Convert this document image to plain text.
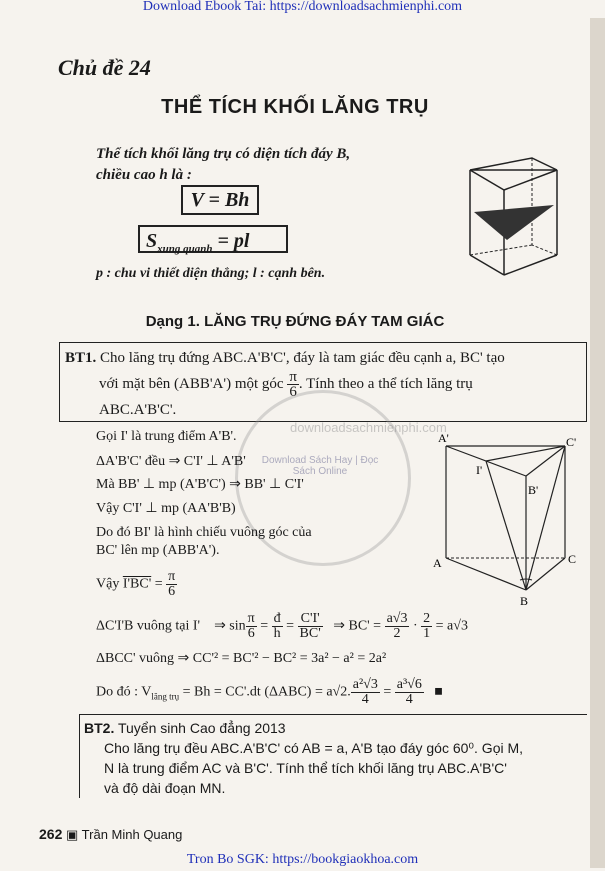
Download Ebook Tai: https://downloadsachmienphi.com
Chủ đề 24
THỂ TÍCH KHỐI LĂNG TRỤ
Thể tích khối lăng trụ có diện tích đáy B,
chiều cao h là :
V = Bh
$S_{xung quanh}$ = pl
p : chu vi thiết diện thẳng; l : cạnh bên.
Dạng 1. LĂNG TRỤ ĐỨNG ĐÁY TAM GIÁC
BT1. Cho lăng trụ đứng ABC.A'B'C', đáy là tam giác đều cạnh a, BC' tạo
với mặt bên (ABB'A') một góc $\frac{\pi}{6}$ . Tính theo a thể tích lăng trụ
ABC.A'B'C'.
downloadsachmienphi.com
Download Sách Hay | Đọc Sách Online
Gọi I' là trung điểm A'B'.
ΔA'B'C' đều ⇒ C'I' ⊥ A'B'
Mà BB' ⊥ mp (A'B'C') ⇒ BB' ⊥ C'I'
Vậy C'I' ⊥ mp (AA'B'B)
Do đó BI' là hình chiếu vuông góc của
BC' lên mp (ABB'A').
Vậy $I'BC' = \frac{\pi}{6}$
A'	C'
I'
B'
A	C
B
ΔC'I'B vuông tại I' ⇒ $\sin \frac{\pi}{6} = \frac{đ}{h} = \frac{C'I'}{BC'}$ ⇒ $BC' = \frac{a√3}{2} \cdot \frac{2}{1} = a√3$
ΔBCC' vuông ⇒ CC'² = BC'² − BC² = 3a² − a² = 2a²
Do đó : $V_{lăng trụ} = Bh = CC'.dt$ (ΔABC) = a√2. $\frac{\text{a²√3}}{4} = \frac{\text{a³√6}}{4}$ ■
BT2. Tuyển sinh Cao đẳng 2013
Cho lăng trụ đều ABC.A'B'C' có AB = a, A'B tạo đáy góc 60⁰. Gọi M,
N là trung điểm AC và B'C'. Tính thể tích khối lăng trụ ABC.A'B'C'
và độ dài đoạn MN.
262 ▣ Trần Minh Quang
Tron Bo SGK: https://bookgiaokhoa.com
